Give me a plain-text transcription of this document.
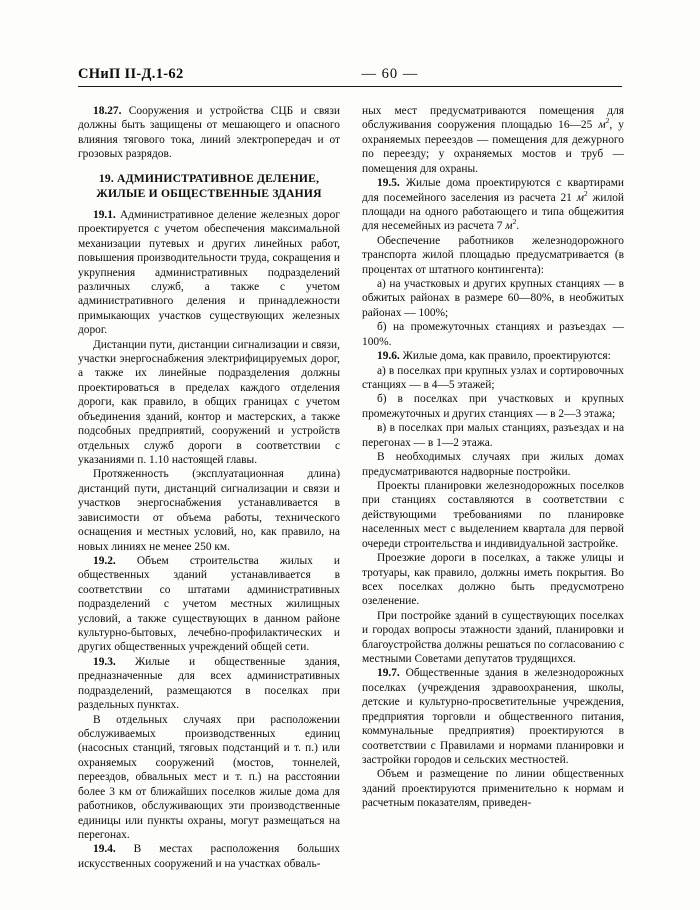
СНиП II-Д.1-62	— 60 —

18.27. Сооружения и устройства СЦБ и связи должны быть защищены от мешающего и опасного влияния тягового тока, линий электропередач и от грозовых разрядов.

19. АДМИНИСТРАТИВНОЕ ДЕЛЕНИЕ,
ЖИЛЫЕ И ОБЩЕСТВЕННЫЕ ЗДАНИЯ

19.1. Административное деление железных дорог проектируется с учетом обеспечения максимальной механизации путевых и других линейных работ, повышения производительности труда, сокращения и укрупнения административных подразделений различных служб, а также с учетом административного деления и принадлежности примыкающих участков существующих железных дорог.

Дистанции пути, дистанции сигнализации и связи, участки энергоснабжения электрифицируемых дорог, а также их линейные подразделения должны проектироваться в пределах каждого отделения дороги, как правило, в общих границах с учетом объединения зданий, контор и мастерских, а также подсобных предприятий, сооружений и устройств отдельных служб дороги в соответствии с указаниями п. 1.10 настоящей главы.

Протяженность (эксплуатационная длина) дистанций пути, дистанций сигнализации и связи и участков энергоснабжения устанавливается в зависимости от объема работы, технического оснащения и местных условий, но, как правило, на новых линиях не менее 250 км.

19.2. Объем строительства жилых и общественных зданий устанавливается в соответствии со штатами административных подразделений с учетом местных жилищных условий, а также существующих в данном районе культурно-бытовых, лечебно-профилактических и других общественных учреждений общей сети.

19.3. Жилые и общественные здания, предназначенные для всех административных подразделений, размещаются в поселках при раздельных пунктах.

В отдельных случаях при расположении обслуживаемых производственных единиц (насосных станций, тяговых подстанций и т. п.) или охраняемых сооружений (мостов, тоннелей, переездов, обвальных мест и т. п.) на расстоянии более 3 км от ближайших поселков жилые дома для работников, обслуживающих эти производственные единицы или пункты охраны, могут размещаться на перегонах.

19.4. В местах расположения больших искусственных сооружений и на участках обваль-

ных мест предусматриваются помещения для обслуживания сооружения площадью 16—25 $м^2$, у охраняемых переездов — помещения для дежурного по переезду; у охраняемых мостов и труб — помещения для охраны.

19.5. Жилые дома проектируются с квартирами для посемейного заселения из расчета 21 $м^2$ жилой площади на одного работающего и типа общежития для несемейных из расчета 7 $м^2$.

Обеспечение работников железнодорожного транспорта жилой площадью предусматривается (в процентах от штатного контингента):

а) на участковых и других крупных станциях — в обжитых районах в размере 60—80%, в необжитых районах — 100%;

б) на промежуточных станциях и разъездах — 100%.

19.6. Жилые дома, как правило, проектируются:

а) в поселках при крупных узлах и сортировочных станциях — в 4—5 этажей;

б) в поселках при участковых и крупных промежуточных и других станциях — в 2—3 этажа;

в) в поселках при малых станциях, разъездах и на перегонах — в 1—2 этажа.

В необходимых случаях при жилых домах предусматриваются надворные постройки.

Проекты планировки железнодорожных поселков при станциях составляются в соответствии с действующими требованиями по планировке населенных мест с выделением квартала для первой очереди строительства и индивидуальной застройке.

Проезжие дороги в поселках, а также улицы и тротуары, как правило, должны иметь покрытия. Во всех поселках должно быть предусмотрено озеленение.

При постройке зданий в существующих поселках и городах вопросы этажности зданий, планировки и благоустройства должны решаться по согласованию с местными Советами депутатов трудящихся.

19.7. Общественные здания в железнодорожных поселках (учреждения здравоохранения, школы, детские и культурно-просветительные учреждения, предприятия торговли и общественного питания, коммунальные предприятия) проектируются в соответствии с Правилами и нормами планировки и застройки городов и сельских местностей.

Объем и размещение по линии общественных зданий проектируются применительно к нормам и расчетным показателям, приведен-
